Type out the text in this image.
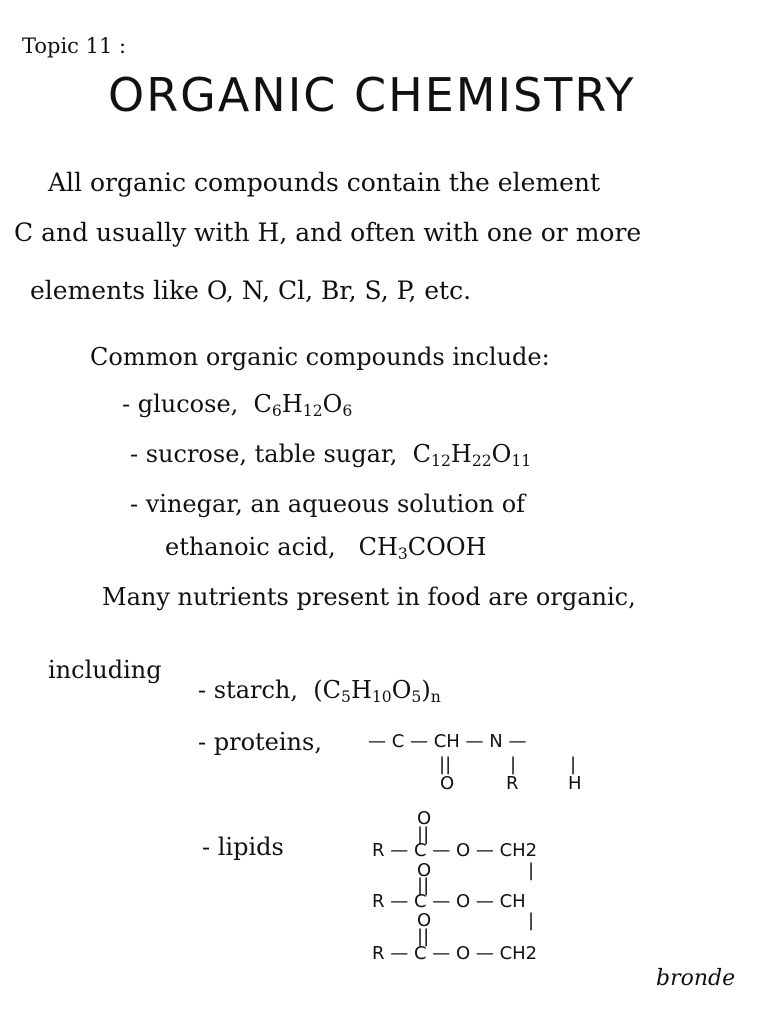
Topic 11 :
ORGANIC CHEMISTRY
All organic compounds contain the element
C and usually with H, and often with one or more
elements like O, N, Cl, Br, S, P, etc.
Common organic compounds include:
- glucose, $C_6H_{12}O_6$
- sucrose, table sugar, $C_{12}H_{22}O_{11}$
- vinegar, an aqueous solution of
ethanoic acid, $CH_3COOH$
Many nutrients present in food are organic,
including
- starch, $(C_5H_{10}O_5)_n$
- proteins,	— C — CH — N —
||	|	|
O	R	H
- lipids
O
||
R — C — O — CH2
|
O
||
R — C — O — CH
|
O
||
R — C — O — CH2
bronde
